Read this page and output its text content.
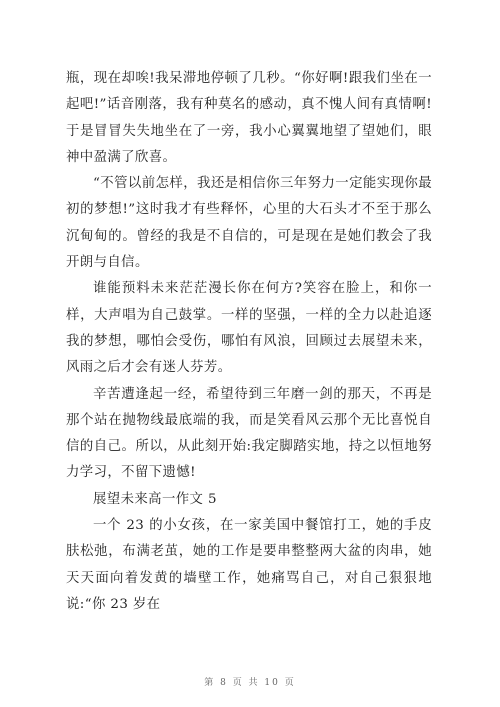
瓶，现在却唉!我呆滞地停顿了几秒。“你好啊!跟我们坐在一起吧!”话音刚落，我有种莫名的感动，真不愧人间有真情啊!于是冒冒失失地坐在了一旁，我小心翼翼地望了望她们，眼神中盈满了欣喜。

“不管以前怎样，我还是相信你三年努力一定能实现你最初的梦想!”这时我才有些释怀，心里的大石头才不至于那么沉甸甸的。曾经的我是不自信的，可是现在是她们教会了我开朗与自信。

谁能预料未来茫茫漫长你在何方?笑容在脸上，和你一样，大声唱为自己鼓掌。一样的坚强，一样的全力以赴追逐我的梦想，哪怕会受伤，哪怕有风浪，回顾过去展望未来，风雨之后才会有迷人芬芳。

辛苦遭逢起一经，希望待到三年磨一剑的那天，不再是那个站在抛物线最底端的我，而是笑看风云那个无比喜悦自信的自己。所以，从此刻开始:我定脚踏实地，持之以恒地努力学习，不留下遗憾!

展望未来高一作文 5

一个 23 的小女孩，在一家美国中餐馆打工，她的手皮肤松弛，布满老茧，她的工作是要串整整两大盆的肉串，她天天面向着发黄的墙壁工作，她痛骂自己，对自己狠狠地说:“你 23 岁在

第 8 页 共 10 页
